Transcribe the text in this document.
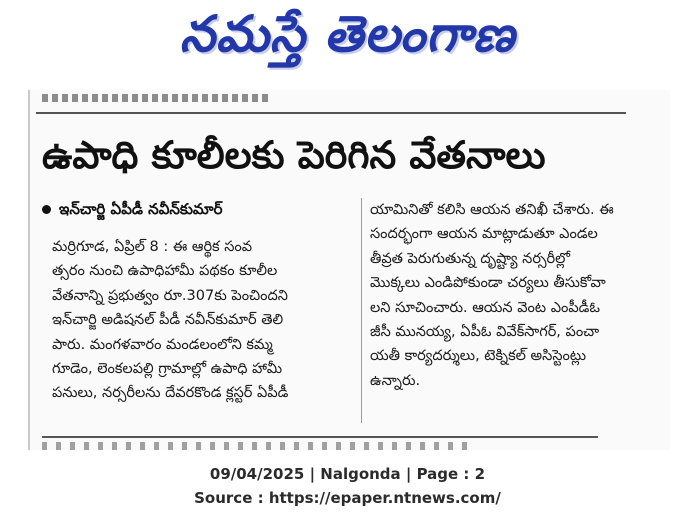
నమస్తే తెలంగాణ
ఉపాధి కూలీలకు పెరిగిన వేతనాలు
ఇన్‌చార్జి ఏపీడీ నవీన్‌కుమార్
మర్రిగూడ, ఏప్రిల్ 8 : ఈ ఆర్థిక సంవ
త్సరం నుంచి ఉపాధిహామీ పథకం కూలీల
వేతనాన్ని ప్రభుత్వం రూ.307కు పెంచిందని
ఇన్‌చార్జి అడిషనల్ పీడీ నవీన్‌కుమార్ తెలి
పారు. మంగళవారం మండలంలోని కమ్మ
గూడెం, లెంకలపల్లి గ్రామాల్లో ఉపాధి హామీ
పనులు, నర్సరీలను దేవరకొండ క్లస్టర్ ఏపీడీ
యామినితో కలిసి ఆయన తనిఖీ చేశారు. ఈ
సందర్భంగా ఆయన మాట్లాడుతూ ఎండల
తీవ్రత పెరుగుతున్న దృష్ట్యా నర్సరీల్లో
మొక్కలు ఎండిపోకుండా చర్యలు తీసుకోవా
లని సూచించారు. ఆయన వెంట ఎంపీడీఓ
జీసీ మునయ్య, ఏపీఓ వివేక్‌సాగర్, పంచా
యతీ కార్యదర్శులు, టెక్నికల్ అసిస్టెంట్లు
ఉన్నారు.
09/04/2025 | Nalgonda | Page : 2
Source : https://epaper.ntnews.com/
